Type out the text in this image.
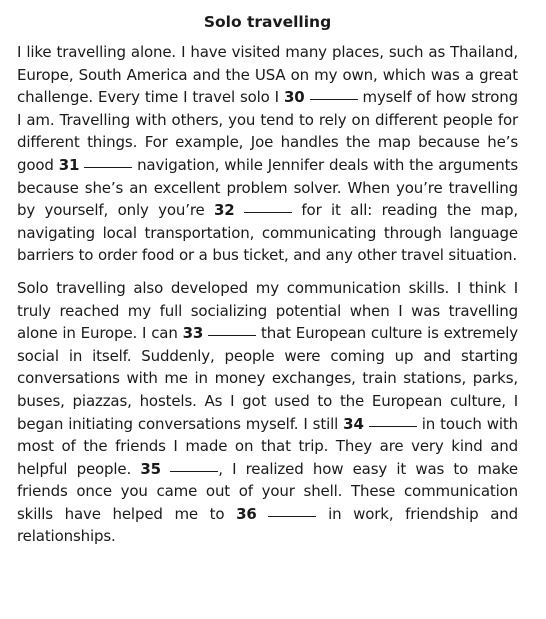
Solo travelling

I like travelling alone. I have visited many places, such as Thailand, Europe, South America and the USA on my own, which was a great challenge. Every time I travel solo I 30	myself of how strong I am. Travelling with others, you tend to rely on different people for different things. For example, Joe handles the map because he’s good 31	navigation, while Jennifer deals with the arguments because she’s an excellent problem solver. When you’re travelling by yourself, only you’re 32	for it all: reading the map, navigating local transportation, communicating through language barriers to order food or a bus ticket, and any other travel situation.

Solo travelling also developed my communication skills. I think I truly reached my full socializing potential when I was travelling alone in Europe. I can 33	that European culture is extremely social in itself. Suddenly, people were coming up and starting conversations with me in money exchanges, train stations, parks, buses, piazzas, hostels. As I got used to the European culture, I began initiating conversations myself. I still 34	in touch with most of the friends I made on that trip. They are very kind and helpful people. 35	, I realized how easy it was to make friends once you came out of your shell. These communication skills have helped me to 36	in work, friendship and relationships.
